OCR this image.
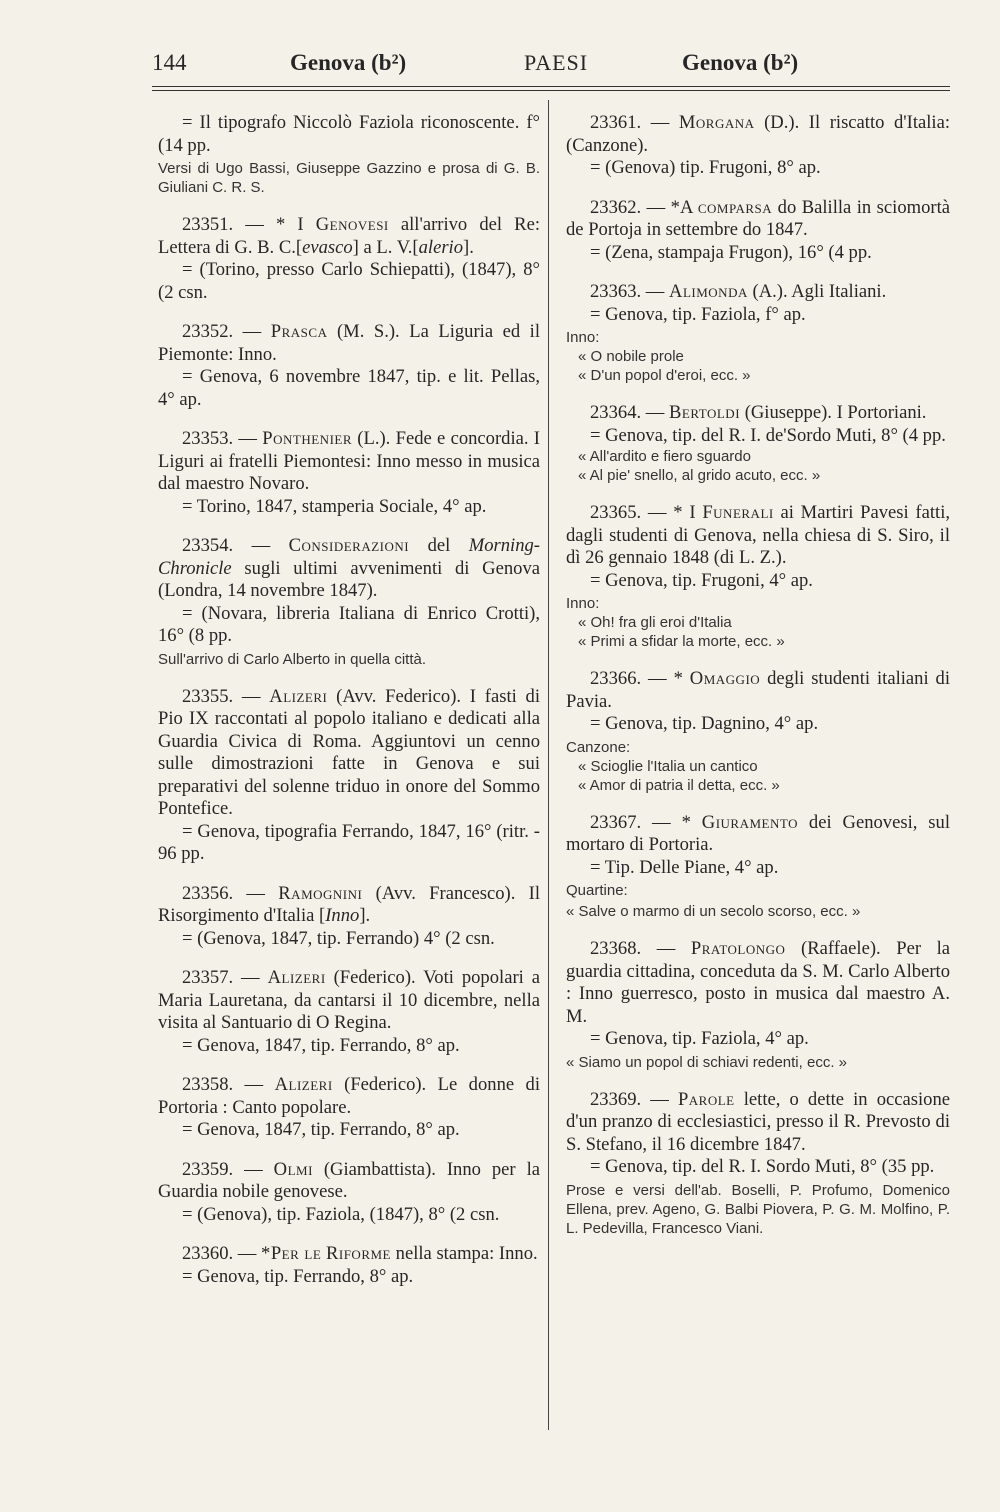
144	Genova (b²)	PAESI	Genova (b²)
= Il tipografo Niccolò Faziola riconoscente. f° (14 pp.
Versi di Ugo Bassi, Giuseppe Gazzino e prosa di G. B. Giuliani C. R. S.
23351. — * I Genovesi all'arrivo del Re: Lettera di G. B. C.[evasco] a L. V.[alerio].
= (Torino, presso Carlo Schiepatti), (1847), 8° (2 csn.
23352. — Prasca (M. S.). La Liguria ed il Piemonte: Inno.
= Genova, 6 novembre 1847, tip. e lit. Pellas, 4° ap.
23353. — Ponthenier (L.). Fede e concordia. I Liguri ai fratelli Piemontesi: Inno messo in musica dal maestro Novaro.
= Torino, 1847, stamperia Sociale, 4° ap.
23354. — Considerazioni del Morning-Chronicle sugli ultimi avvenimenti di Genova (Londra, 14 novembre 1847).
= (Novara, libreria Italiana di Enrico Crotti), 16° (8 pp.
Sull'arrivo di Carlo Alberto in quella città.
23355. — Alizeri (Avv. Federico). I fasti di Pio IX raccontati al popolo italiano e dedicati alla Guardia Civica di Roma. Aggiuntovi un cenno sulle dimostrazioni fatte in Genova e sui preparativi del solenne triduo in onore del Sommo Pontefice.
= Genova, tipografia Ferrando, 1847, 16° (ritr. - 96 pp.
23356. — Ramognini (Avv. Francesco). Il Risorgimento d'Italia [Inno].
= (Genova, 1847, tip. Ferrando) 4° (2 csn.
23357. — Alizeri (Federico). Voti popolari a Maria Lauretana, da cantarsi il 10 dicembre, nella visita al Santuario di O Regina.
= Genova, 1847, tip. Ferrando, 8° ap.
23358. — Alizeri (Federico). Le donne di Portoria : Canto popolare.
= Genova, 1847, tip. Ferrando, 8° ap.
23359. — Olmi (Giambattista). Inno per la Guardia nobile genovese.
= (Genova), tip. Faziola, (1847), 8° (2 csn.
23360. — *Per le Riforme nella stampa: Inno.
= Genova, tip. Ferrando, 8° ap.
23361. — Morgana (D.). Il riscatto d'Italia: (Canzone).
= (Genova) tip. Frugoni, 8° ap.
23362. — *A comparsa do Balilla in sciomortà de Portoja in settembre do 1847.
= (Zena, stampaja Frugon), 16° (4 pp.
23363. — Alimonda (A.). Agli Italiani.
= Genova, tip. Faziola, f° ap.
Inno:
« O nobile prole
« D'un popol d'eroi, ecc. »
23364. — Bertoldi (Giuseppe). I Portoriani.
= Genova, tip. del R. I. de'Sordo Muti, 8° (4 pp.
« All'ardito e fiero sguardo
« Al pie' snello, al grido acuto, ecc. »
23365. — * I Funerali ai Martiri Pavesi fatti, dagli studenti di Genova, nella chiesa di S. Siro, il dì 26 gennaio 1848 (di L. Z.).
= Genova, tip. Frugoni, 4° ap.
Inno:
« Oh! fra gli eroi d'Italia
« Primi a sfidar la morte, ecc. »
23366. — * Omaggio degli studenti italiani di Pavia.
= Genova, tip. Dagnino, 4° ap.
Canzone:
« Scioglie l'Italia un cantico
« Amor di patria il detta, ecc. »
23367. — * Giuramento dei Genovesi, sul mortaro di Portoria.
= Tip. Delle Piane, 4° ap.
Quartine:
« Salve o marmo di un secolo scorso, ecc. »
23368. — Pratolongo (Raffaele). Per la guardia cittadina, conceduta da S. M. Carlo Alberto : Inno guerresco, posto in musica dal maestro A. M.
= Genova, tip. Faziola, 4° ap.
« Siamo un popol di schiavi redenti, ecc. »
23369. — Parole lette, o dette in occasione d'un pranzo di ecclesiastici, presso il R. Prevosto di S. Stefano, il 16 dicembre 1847.
= Genova, tip. del R. I. Sordo Muti, 8° (35 pp.
Prose e versi dell'ab. Boselli, P. Profumo, Domenico Ellena, prev. Ageno, G. Balbi Piovera, P. G. M. Molfino, P. L. Pedevilla, Francesco Viani.
